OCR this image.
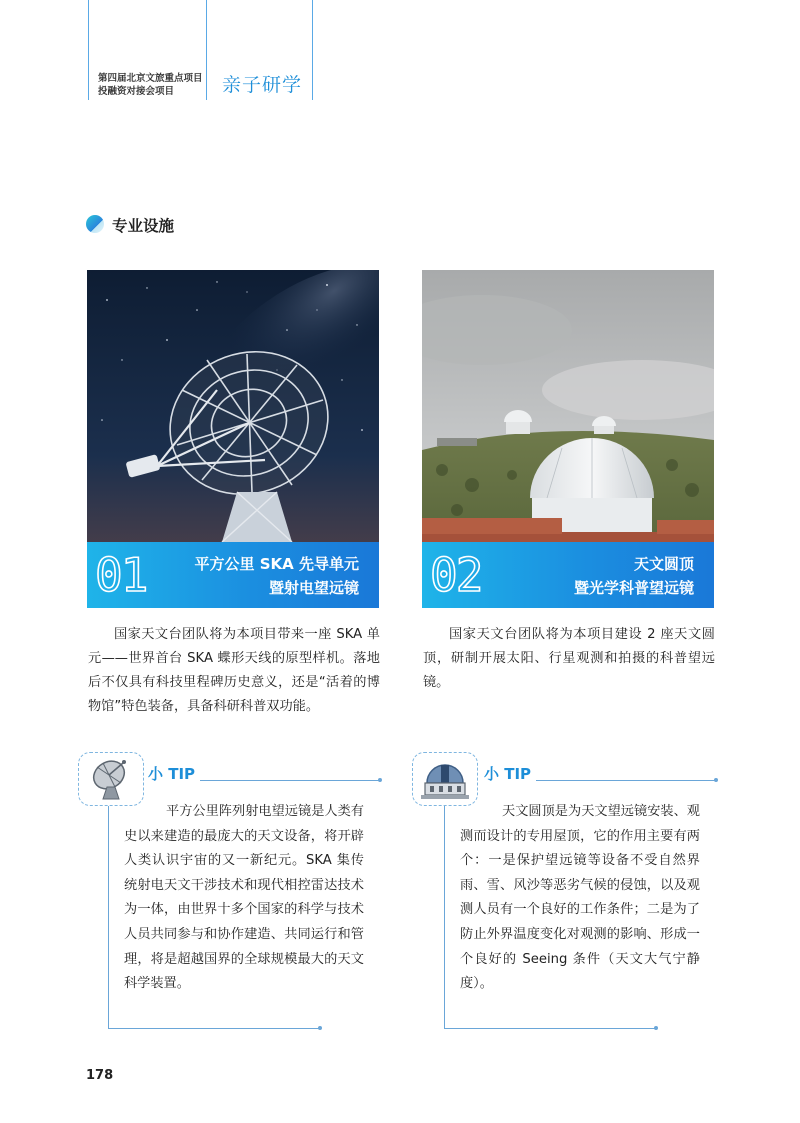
第四届北京文旅重点项目
投融资对接会项目	亲子研学
专业设施
01	平方公里 SKA 先导单元
暨射电望远镜 02	天文圆顶
暨光学科普望远镜
国家天文台团队将为本项目带来一座 SKA 单元——世界首台 SKA 蝶形天线的原型样机。落地后不仅具有科技里程碑历史意义，还是“活着的博物馆”特色装备，具备科研科普双功能。
国家天文台团队将为本项目建设 2 座天文圆顶，研制开展太阳、行星观测和拍摄的科普望远镜。
小 TIP
平方公里阵列射电望远镜是人类有史以来建造的最庞大的天文设备，将开辟人类认识宇宙的又一新纪元。SKA 集传统射电天文干涉技术和现代相控雷达技术为一体，由世界十多个国家的科学与技术人员共同参与和协作建造、共同运行和管理，将是超越国界的全球规模最大的天文科学装置。
小 TIP
天文圆顶是为天文望远镜安装、观测而设计的专用屋顶，它的作用主要有两个：一是保护望远镜等设备不受自然界雨、雪、风沙等恶劣气候的侵蚀，以及观测人员有一个良好的工作条件；二是为了防止外界温度变化对观测的影响、形成一个良好的 Seeing 条件（天文大气宁静度）。
178
